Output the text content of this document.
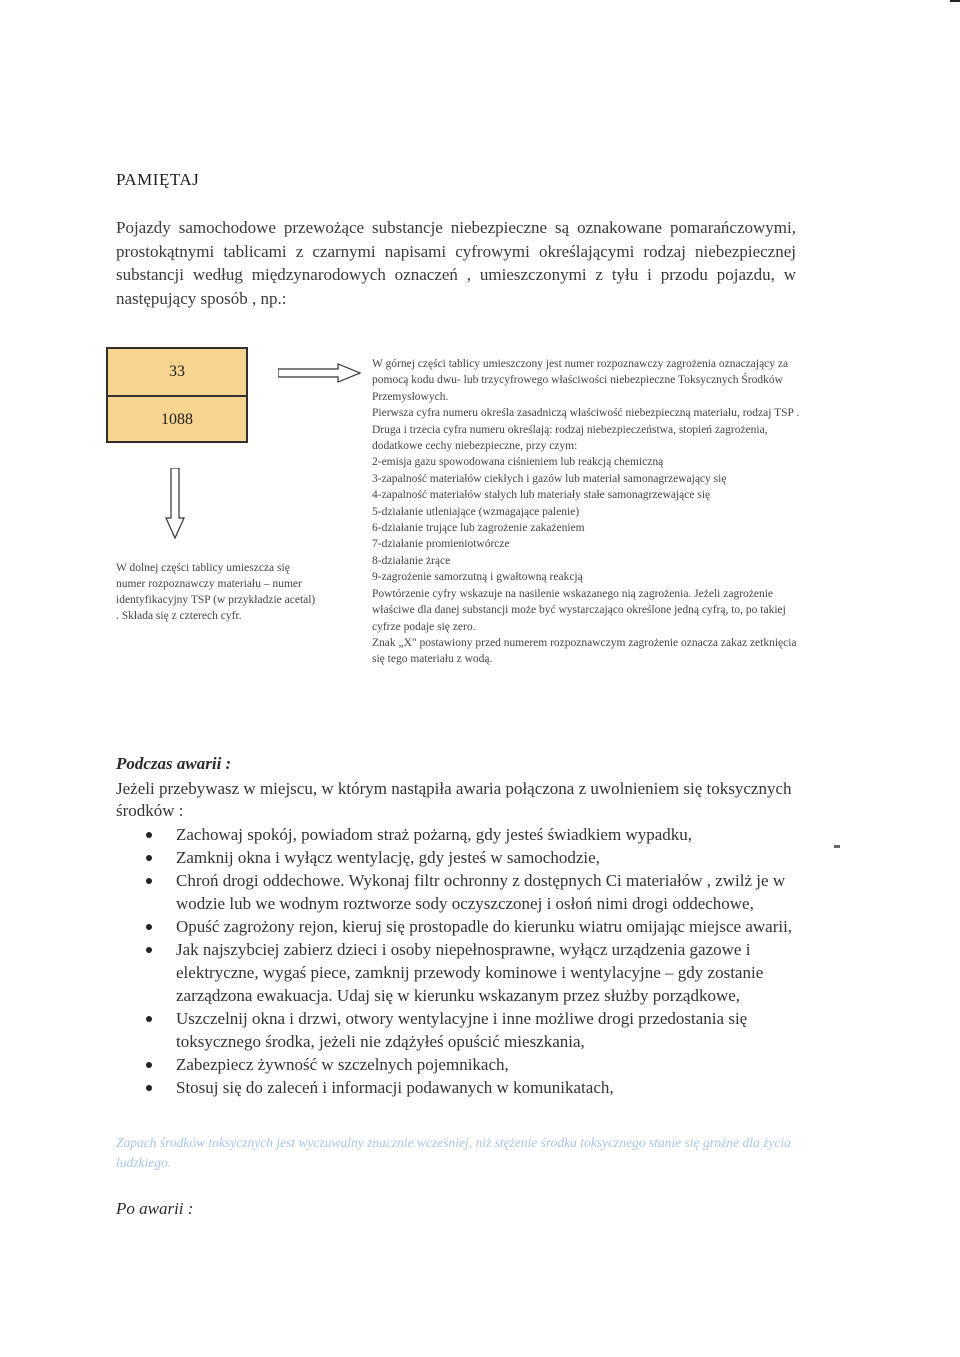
PAMIĘTAJ
Pojazdy samochodowe przewożące substancje niebezpieczne są oznakowane pomarańczowymi, prostokątnymi tablicami z czarnymi napisami cyfrowymi określającymi rodzaj niebezpiecznej substancji według międzynarodowych oznaczeń , umieszczonymi z tyłu i przodu pojazdu, w następujący sposób , np.:
33
1088
W dolnej części tablicy umieszcza się numer rozpoznawczy materiału – numer identyfikacyjny TSP (w przykładzie acetal) . Składa się z czterech cyfr.

W górnej części tablicy umieszczony jest numer rozpoznawczy zagrożenia oznaczający za pomocą kodu dwu- lub trzycyfrowego właściwości niebezpieczne Toksycznych Środków Przemysłowych.

Pierwsza cyfra numeru określa zasadniczą właściwość niebezpieczną materiału, rodzaj TSP . Druga i trzecia cyfra numeru określają: rodzaj niebezpieczeństwa, stopień zagrożenia, dodatkowe cechy niebezpieczne, przy czym:

2-emisja gazu spowodowana ciśnieniem lub reakcją chemiczną

3-zapalność materiałów ciekłych i gazów lub materiał samonagrzewający się

4-zapalność materiałów stałych lub materiały stałe samonagrzewające się

5-działanie utleniające (wzmagające palenie)

6-działanie trujące lub zagrożenie zakażeniem

7-działanie promieniotwórcze

8-działanie żrące

9-zagrożenie samorzutną i gwałtowną reakcją

Powtórzenie cyfry wskazuje na nasilenie wskazanego nią zagrożenia. Jeżeli zagrożenie właściwe dla danej substancji może być wystarczająco określone jedną cyfrą, to, po takiej cyfrze podaje się zero.

Znak „X" postawiony przed numerem rozpoznawczym zagrożenie oznacza zakaz zetknięcia się tego materiału z wodą.

Podczas awarii :
Jeżeli przebywasz w miejscu, w którym nastąpiła awaria połączona z uwolnieniem się toksycznych środków :
Zachowaj spokój, powiadom straż pożarną, gdy jesteś świadkiem wypadku,
Zamknij okna i wyłącz wentylację, gdy jesteś w samochodzie,
Chroń drogi oddechowe. Wykonaj filtr ochronny z dostępnych Ci materiałów , zwilż je w wodzie lub we wodnym roztworze sody oczyszczonej i osłoń nimi drogi oddechowe,
Opuść zagrożony rejon, kieruj się prostopadle do kierunku wiatru omijając miejsce awarii,
Jak najszybciej zabierz dzieci i osoby niepełnosprawne, wyłącz urządzenia gazowe i elektryczne, wygaś piece, zamknij przewody kominowe i wentylacyjne – gdy zostanie zarządzona ewakuacja. Udaj się w kierunku wskazanym przez służby porządkowe,
Uszczelnij okna i drzwi, otwory wentylacyjne i inne możliwe drogi przedostania się toksycznego środka, jeżeli nie zdążyłeś opuścić mieszkania,
Zabezpiecz żywność w szczelnych pojemnikach,
Stosuj się do zaleceń i informacji podawanych w komunikatach,
Zapach środków toksycznych jest wyczuwalny znacznie wcześniej, niż stężenie środka toksycznego stanie się groźne dla życia ludzkiego.
Po awarii :
